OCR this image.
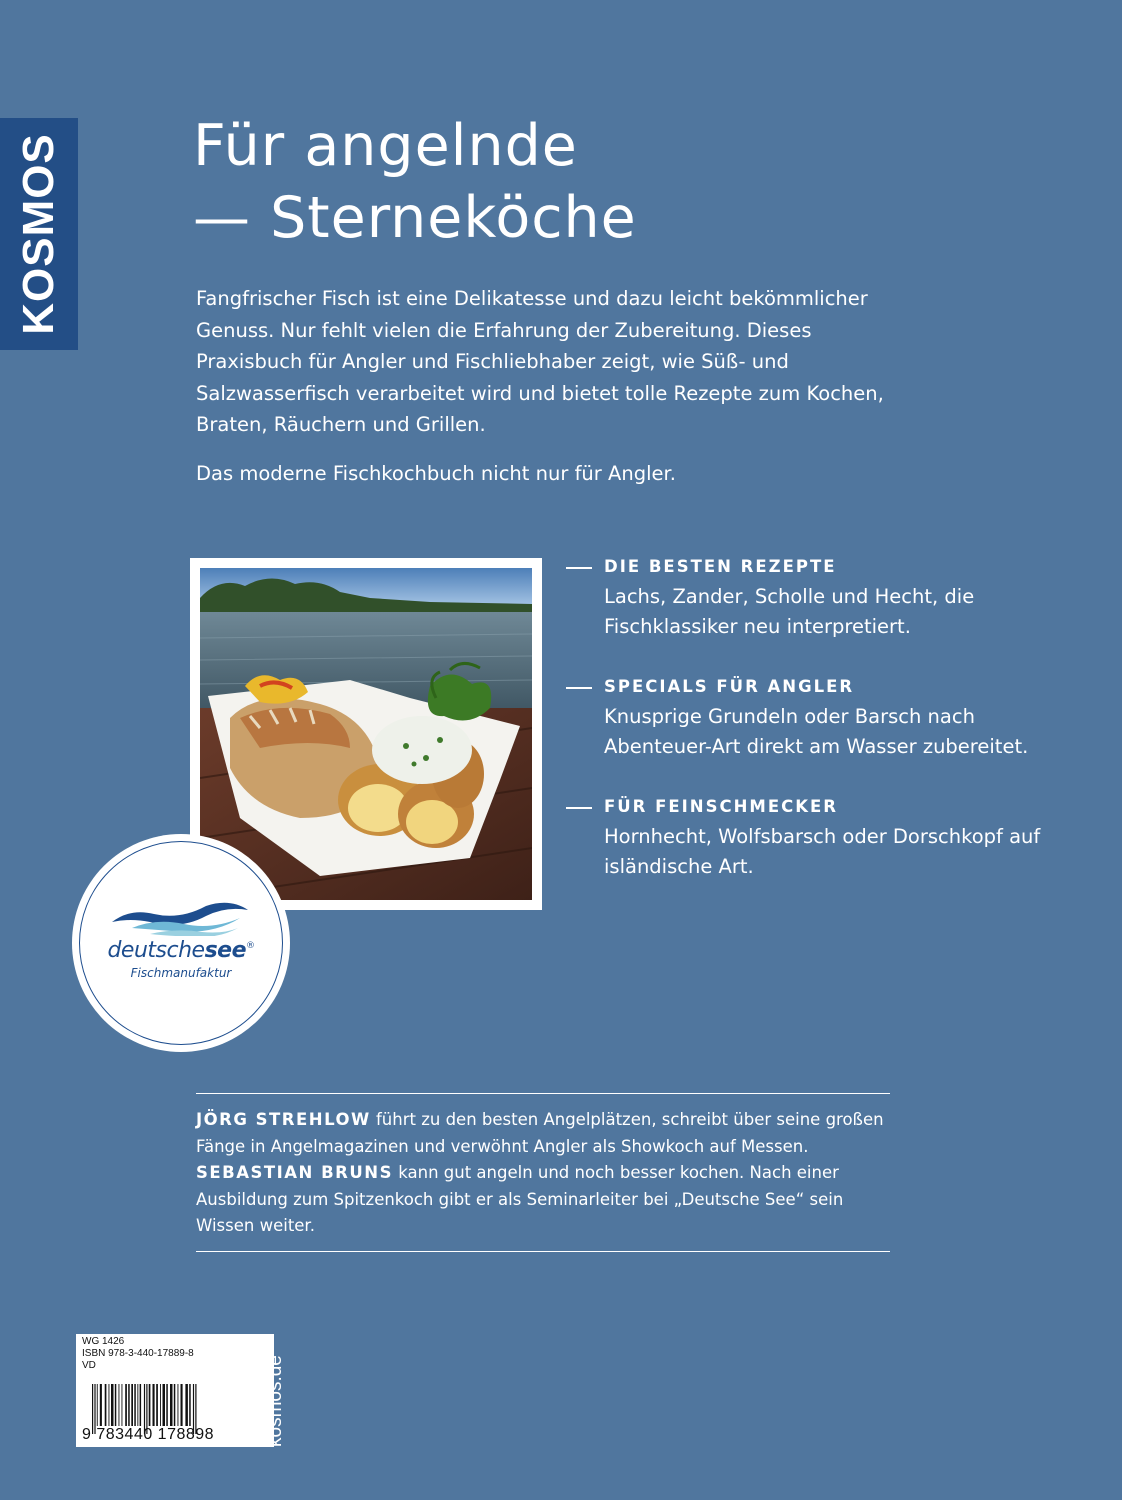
KOSMOS Für angelnde
— Sterneköche

Fangfrischer Fisch ist eine Delikatesse und dazu leicht bekömmlicher Genuss. Nur fehlt vielen die Erfahrung der Zubereitung. Dieses Praxisbuch für Angler und Fischliebhaber zeigt, wie Süß- und Salzwasserfisch verarbeitet wird und bietet tolle Rezepte zum Kochen, Braten, Räuchern und Grillen.

Das moderne Fischkochbuch nicht nur für Angler.

deutschesee®
Fischmanufaktur
DIE BESTEN REZEPTE

Lachs, Zander, Scholle und Hecht, die Fischklassiker neu interpretiert.

SPECIALS FÜR ANGLER

Knusprige Grundeln oder Barsch nach Abenteuer-Art direkt am Wasser zubereitet.

FÜR FEINSCHMECKER

Hornhecht, Wolfsbarsch oder Dorschkopf auf isländische Art.

JÖRG STREHLOW führt zu den besten Angelplätzen, schreibt über seine großen Fänge in Angelmagazinen und verwöhnt Angler als Showkoch auf Messen.

SEBASTIAN BRUNS kann gut angeln und noch besser kochen. Nach einer Ausbildung zum Spitzenkoch gibt er als Seminarleiter bei „Deutsche See“ sein Wissen weiter.

WG 1426

ISBN 978-3-440-17889-8

VD

9 783440 178898	kosmos.de
